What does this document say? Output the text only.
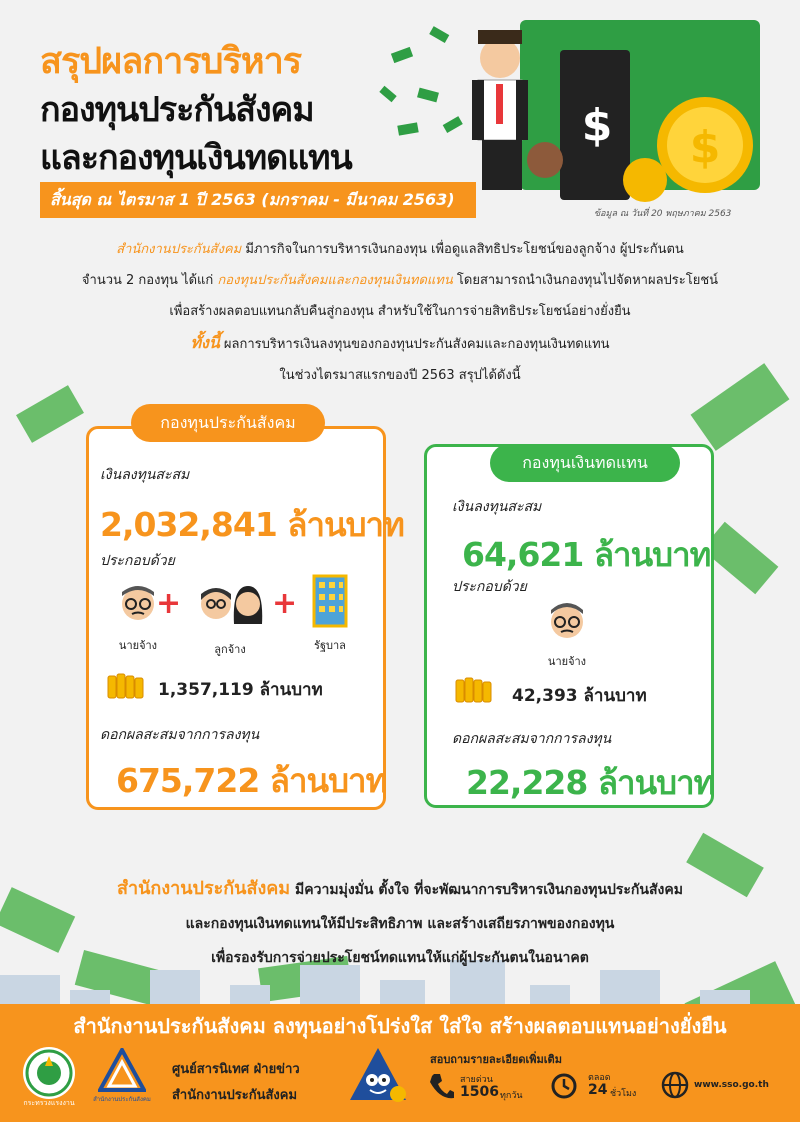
$ $
สรุปผลการบริหาร
กองทุนประกันสังคม
และกองทุนเงินทดแทน
สิ้นสุด ณ ไตรมาส 1 ปี 2563 (มกราคม - มีนาคม 2563)
ข้อมูล ณ วันที่ 20 พฤษภาคม 2563
สำนักงานประกันสังคม มีภารกิจในการบริหารเงินกองทุน เพื่อดูแลสิทธิประโยชน์ของลูกจ้าง ผู้ประกันตน
จำนวน 2 กองทุน ได้แก่ กองทุนประกันสังคมและกองทุนเงินทดแทน โดยสามารถนำเงินกองทุนไปจัดหาผลประโยชน์
เพื่อสร้างผลตอบแทนกลับคืนสู่กองทุน สำหรับใช้ในการจ่ายสิทธิประโยชน์อย่างยั่งยืน
ทั้งนี้ ผลการบริหารเงินลงทุนของกองทุนประกันสังคมและกองทุนเงินทดแทน
ในช่วงไตรมาสแรกของปี 2563 สรุปได้ดังนี้
กองทุนประกันสังคม
เงินลงทุนสะสม
2,032,841 ล้านบาท
ประกอบด้วย
+	+
นายจ้าง	ลูกจ้าง	รัฐบาล
1,357,119 ล้านบาท
ดอกผลสะสมจากการลงทุน
675,722 ล้านบาท
กองทุนเงินทดแทน
เงินลงทุนสะสม
64,621 ล้านบาท
ประกอบด้วย
นายจ้าง
42,393 ล้านบาท
ดอกผลสะสมจากการลงทุน
22,228 ล้านบาท
สำนักงานประกันสังคม มีความมุ่งมั่น ตั้งใจ ที่จะพัฒนาการบริหารเงินกองทุนประกันสังคม
และกองทุนเงินทดแทนให้มีประสิทธิภาพ และสร้างเสถียรภาพของกองทุน
เพื่อรองรับการจ่ายประโยชน์ทดแทนให้แก่ผู้ประกันตนในอนาคต
สำนักงานประกันสังคม ลงทุนอย่างโปร่งใส ใส่ใจ สร้างผลตอบแทนอย่างยั่งยืน
กระทรวงแรงงาน	สำนักงานประกันสังคม
ศูนย์สารนิเทศ ฝ่ายข่าว
สำนักงานประกันสังคม
สอบถามรายละเอียดเพิ่มเติม
สายด่วน
1506 ทุกวัน
ตลอด
24 ชั่วโมง
www.sso.go.th
